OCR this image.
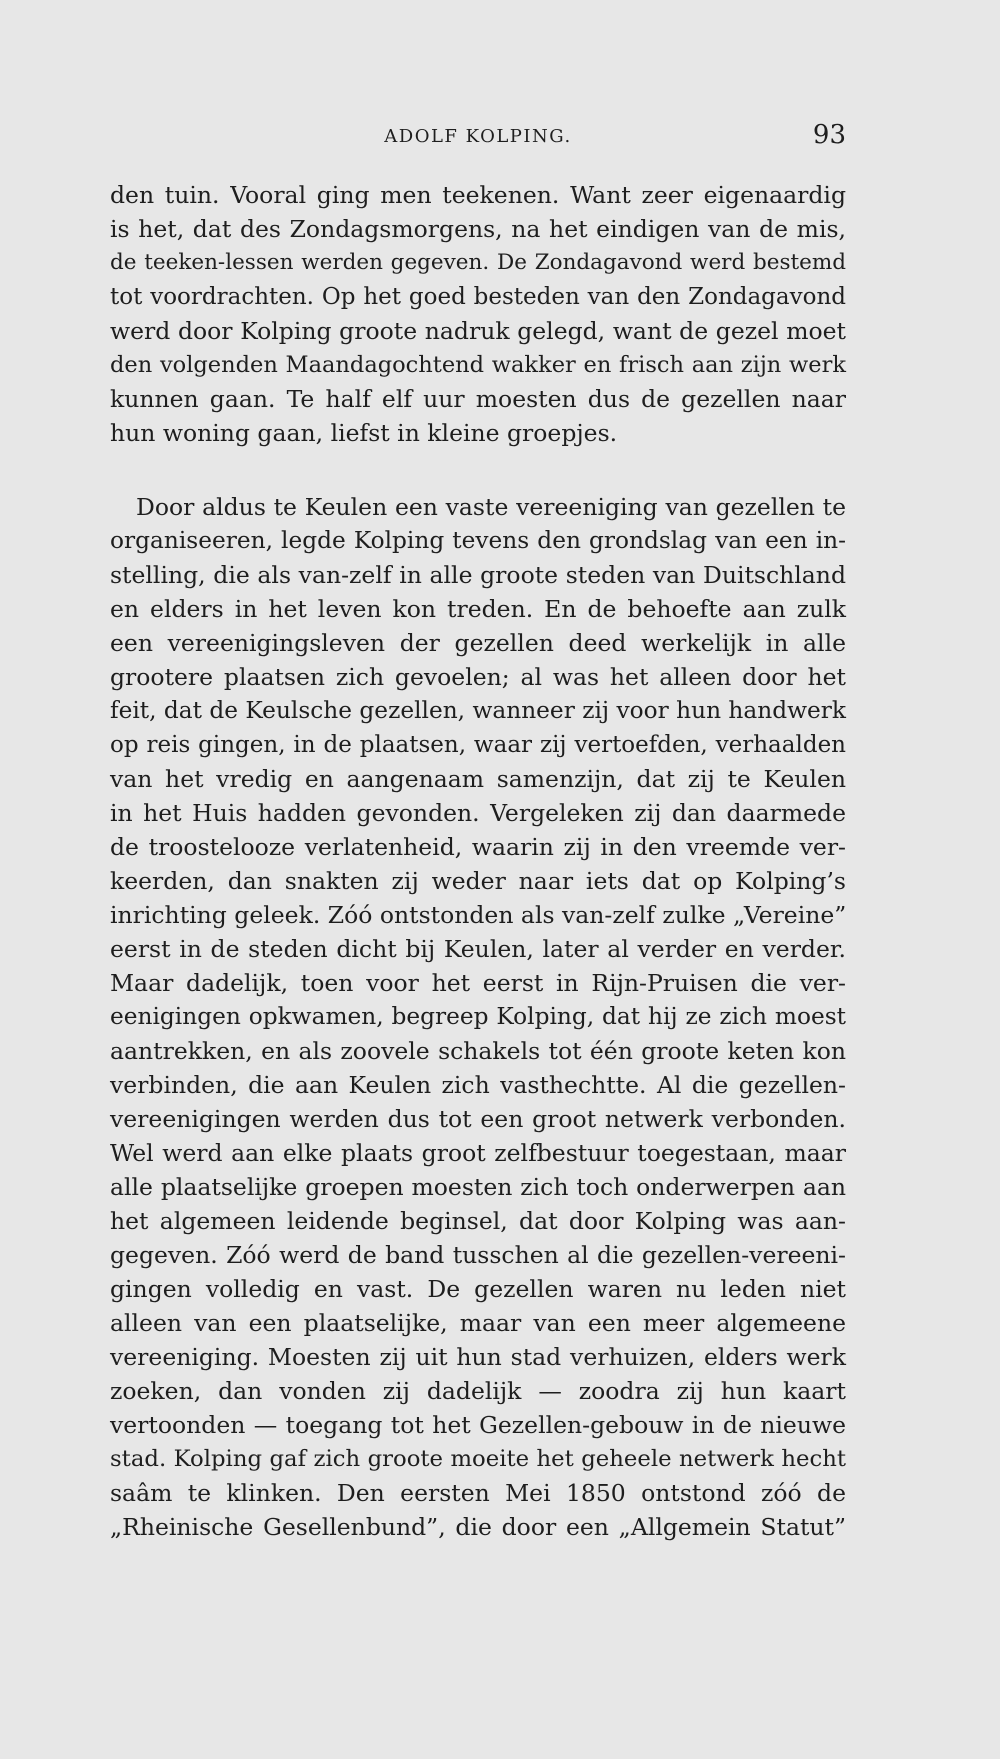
ADOLF KOLPING.	93
den tuin. Vooral ging men teekenen. Want zeer eigenaardig
is het, dat des Zondagsmorgens, na het eindigen van de mis,
de teeken-lessen werden gegeven. De Zondagavond werd bestemd
tot voordrachten. Op het goed besteden van den Zondagavond
werd door Kolping groote nadruk gelegd, want de gezel moet
den volgenden Maandagochtend wakker en frisch aan zijn werk
kunnen gaan. Te half elf uur moesten dus de gezellen naar
hun woning gaan, liefst in kleine groepjes.
Door aldus te Keulen een vaste vereeniging van gezellen te
organiseeren, legde Kolping tevens den grondslag van een in-
stelling, die als van-zelf in alle groote steden van Duitschland
en elders in het leven kon treden. En de behoefte aan zulk
een vereenigingsleven der gezellen deed werkelijk in alle
grootere plaatsen zich gevoelen; al was het alleen door het
feit, dat de Keulsche gezellen, wanneer zij voor hun handwerk
op reis gingen, in de plaatsen, waar zij vertoefden, verhaalden
van het vredig en aangenaam samenzijn, dat zij te Keulen
in het Huis hadden gevonden. Vergeleken zij dan daarmede
de troostelooze verlatenheid, waarin zij in den vreemde ver-
keerden, dan snakten zij weder naar iets dat op Kolping’s
inrichting geleek. Zóó ontstonden als van-zelf zulke „Vereine”
eerst in de steden dicht bij Keulen, later al verder en verder.
Maar dadelijk, toen voor het eerst in Rijn-Pruisen die ver-
eenigingen opkwamen, begreep Kolping, dat hij ze zich moest
aantrekken, en als zoovele schakels tot één groote keten kon
verbinden, die aan Keulen zich vasthechtte. Al die gezellen-
vereenigingen werden dus tot een groot netwerk verbonden.
Wel werd aan elke plaats groot zelfbestuur toegestaan, maar
alle plaatselijke groepen moesten zich toch onderwerpen aan
het algemeen leidende beginsel, dat door Kolping was aan-
gegeven. Zóó werd de band tusschen al die gezellen-vereeni-
gingen volledig en vast. De gezellen waren nu leden niet
alleen van een plaatselijke, maar van een meer algemeene
vereeniging. Moesten zij uit hun stad verhuizen, elders werk
zoeken, dan vonden zij dadelijk — zoodra zij hun kaart
vertoonden — toegang tot het Gezellen-gebouw in de nieuwe
stad. Kolping gaf zich groote moeite het geheele netwerk hecht
saâm te klinken. Den eersten Mei 1850 ontstond zóó de
„Rheinische Gesellenbund”, die door een „Allgemein Statut”
